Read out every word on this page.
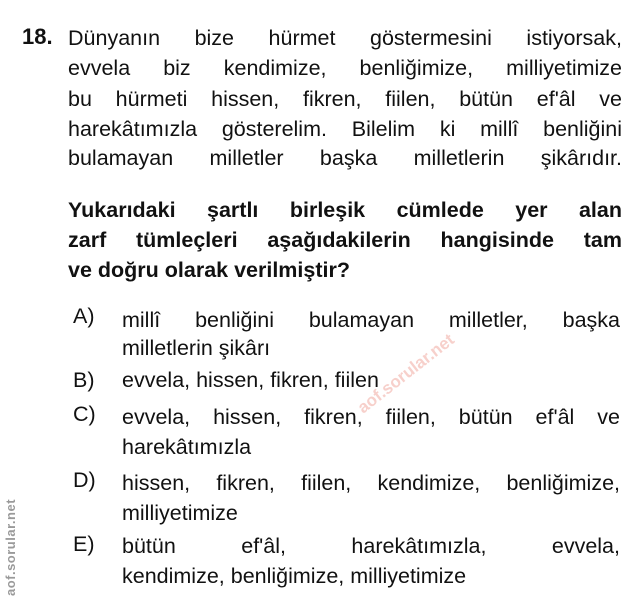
18. Dünyanın bize hürmet göstermesini istiyorsak,
evvela biz kendimize, benliğimize, milliyetimize
bu hürmeti hissen, fikren, fiilen, bütün ef'âl ve
harekâtımızla gösterelim. Bilelim ki millî benliğini
bulamayan milletler başka milletlerin şikârıdır.
Yukarıdaki şartlı birleşik cümlede yer alan
zarf tümleçleri aşağıdakilerin hangisinde tam
ve doğru olarak verilmiştir?
A) millî benliğini bulamayan milletler, başka
milletlerin şikârı
B) evvela, hissen, fikren, fiilen
C) evvela, hissen, fikren, fiilen, bütün ef'âl ve
harekâtımızla
D) hissen, fikren, fiilen, kendimize, benliğimize,
milliyetimize
E) bütün ef'âl, harekâtımızla, evvela,
kendimize, benliğimize, milliyetimize
aof.sorular.net
aof.sorular.net
